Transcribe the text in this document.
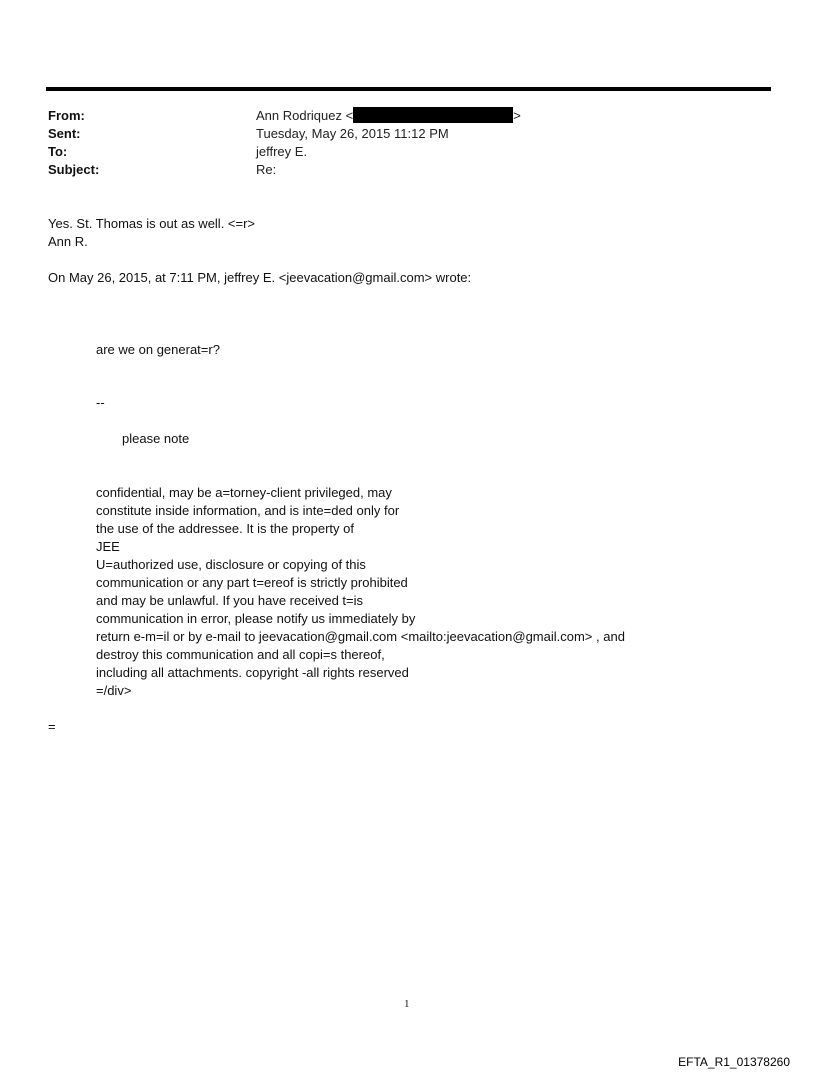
From:	Ann Rodriquez <	>
Sent:	Tuesday, May 26, 2015 11:12 PM
To:	jeffrey E.
Subject:	Re:
Yes. St. Thomas is out as well. <=r>
Ann R.
On May 26, 2015, at 7:11 PM, jeffrey E. <jeevacation@gmail.com> wrote:
are we on generat=r?
--
please note
confidential, may be a=torney-client privileged, may
constitute inside information, and is inte=ded only for
the use of the addressee. It is the property of
JEE
U=authorized use, disclosure or copying of this
communication or any part t=ereof is strictly prohibited
and may be unlawful. If you have received t=is
communication in error, please notify us immediately by
return e-m=il or by e-mail to jeevacation@gmail.com <mailto:jeevacation@gmail.com> , and
destroy this communication and all copi=s thereof,
including all attachments. copyright -all rights reserved
=/div>
=
1
EFTA_R1_01378260
